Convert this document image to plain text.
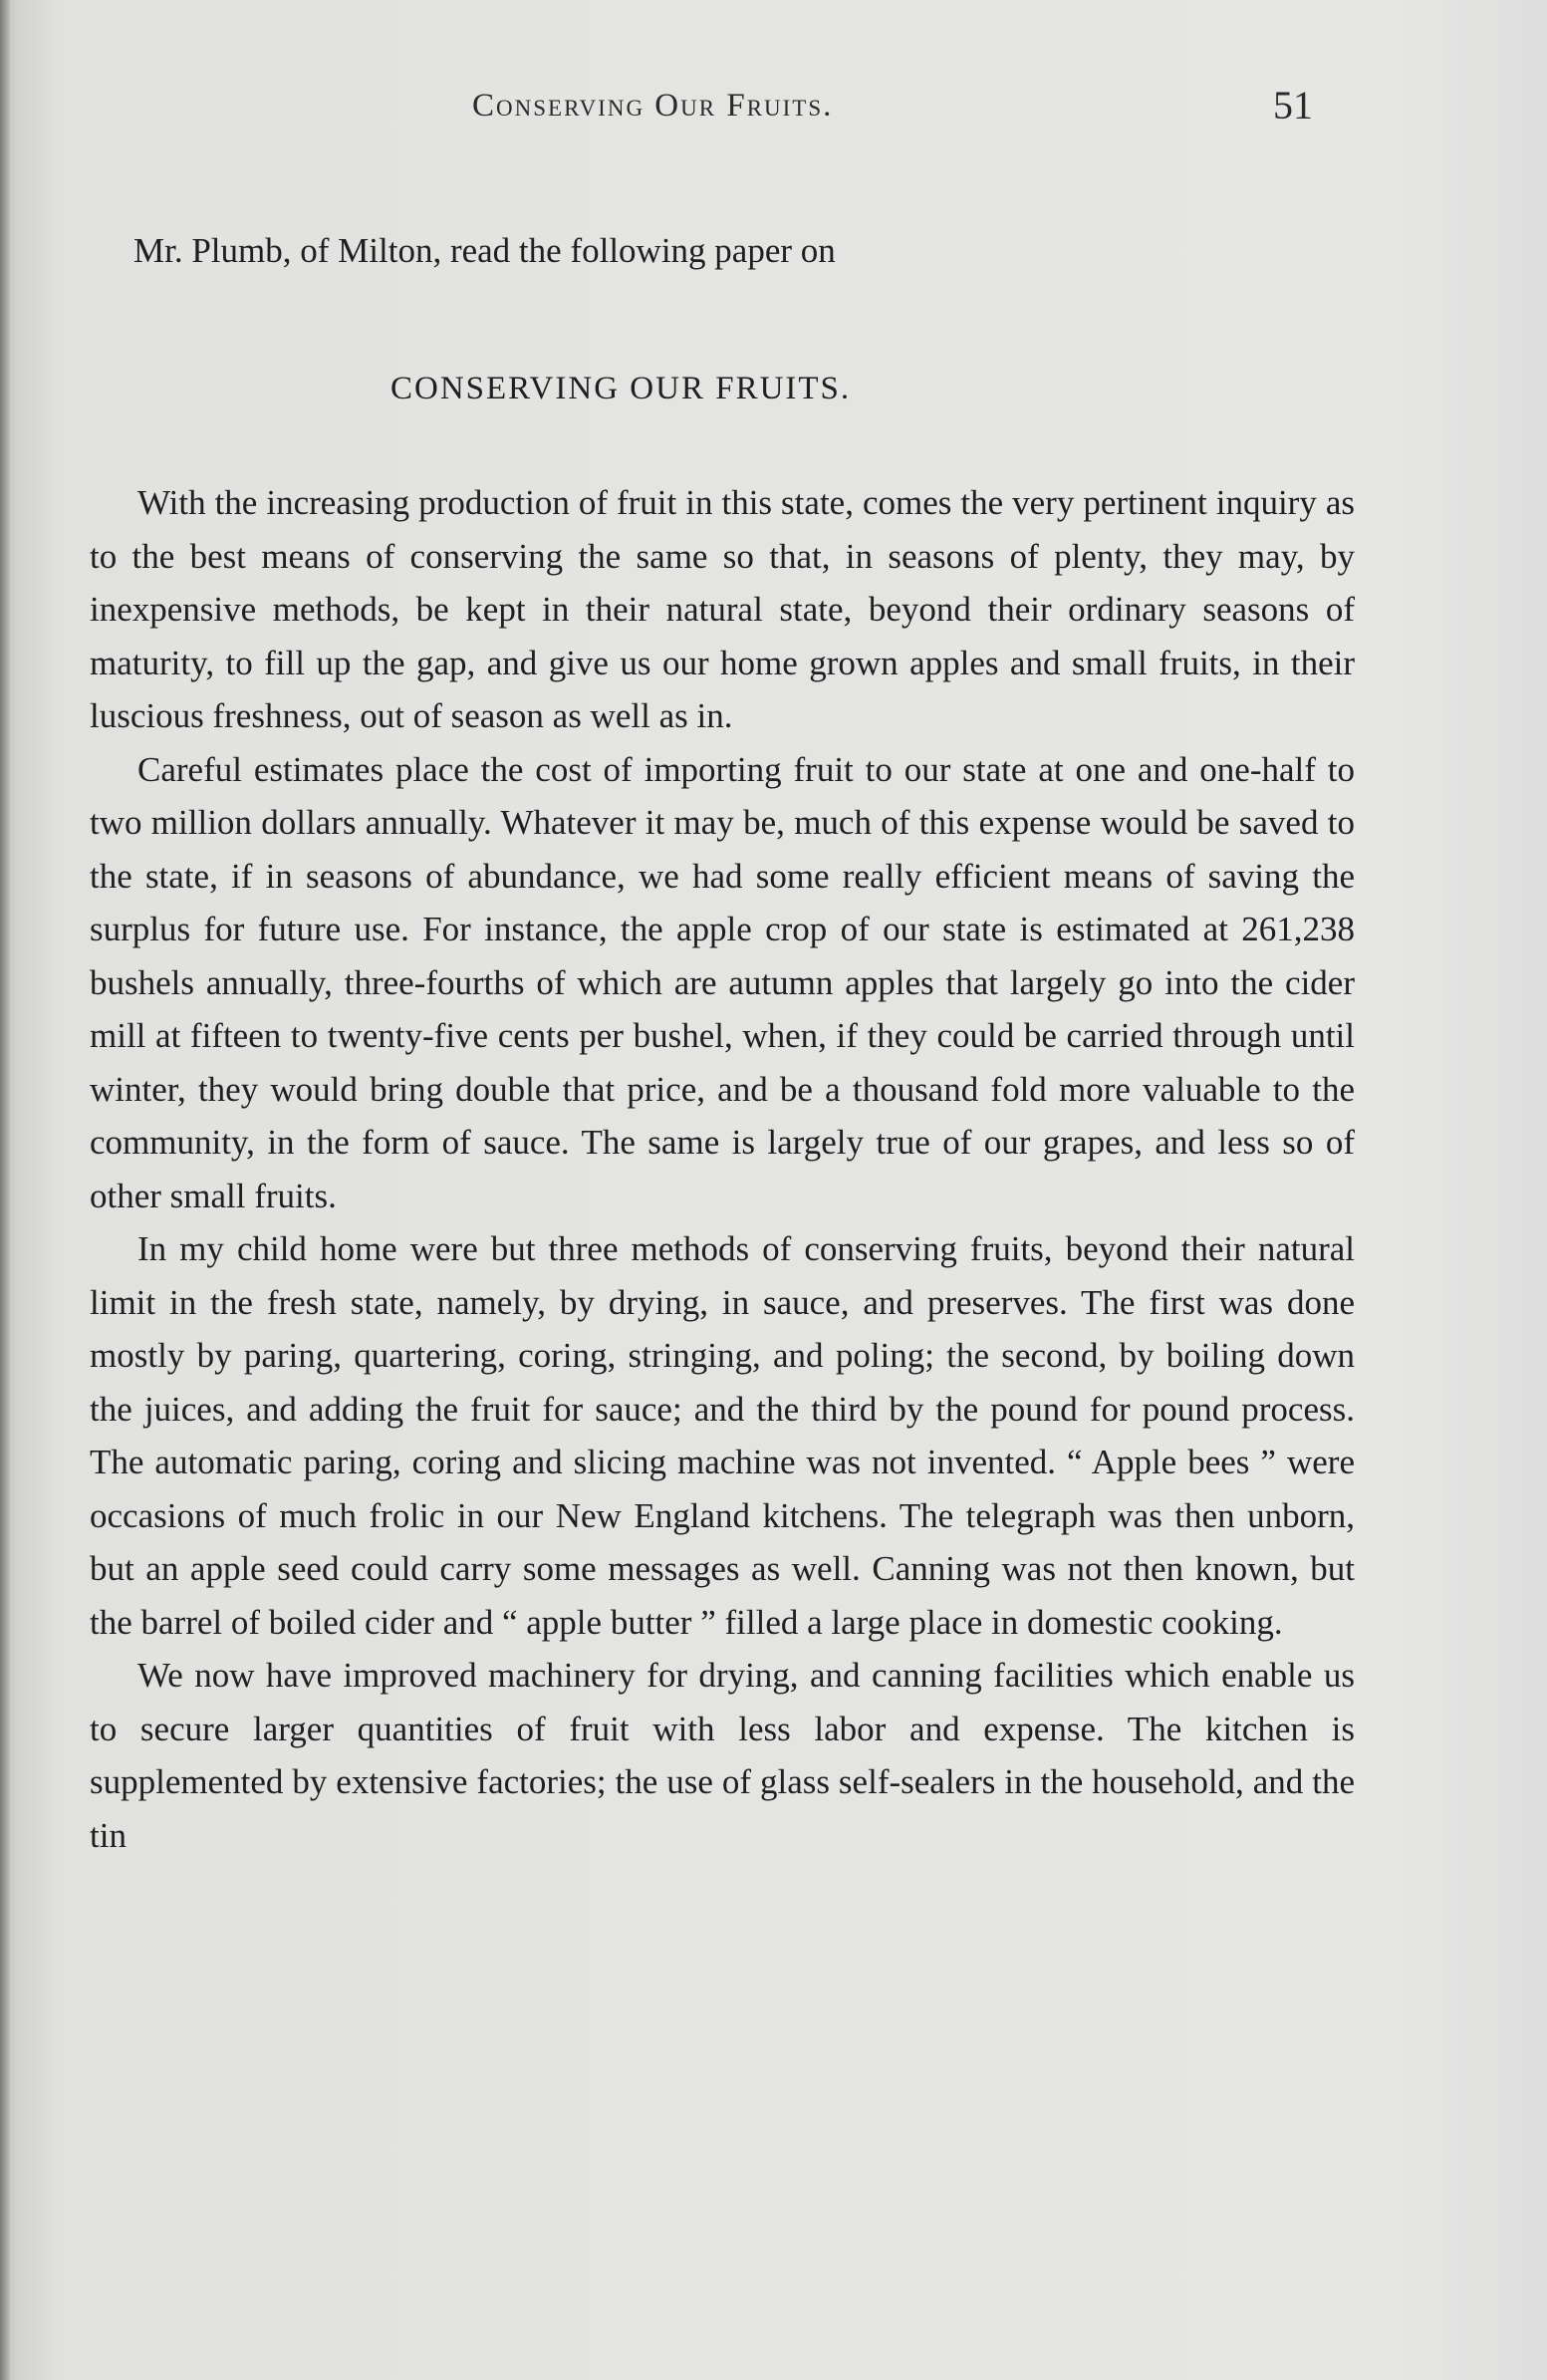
Conserving Our Fruits.	51
Mr. Plumb, of Milton, read the following paper on
CONSERVING OUR FRUITS.

With the increasing production of fruit in this state, comes the very pertinent inquiry as to the best means of conserving the same so that, in seasons of plenty, they may, by inexpensive methods, be kept in their natural state, beyond their ordinary seasons of maturity, to fill up the gap, and give us our home grown apples and small fruits, in their luscious freshness, out of season as well as in.

Careful estimates place the cost of importing fruit to our state at one and one-half to two million dollars annually. Whatever it may be, much of this expense would be saved to the state, if in seasons of abundance, we had some really efficient means of saving the surplus for future use. For instance, the apple crop of our state is estimated at 261,238 bushels annually, three-fourths of which are autumn apples that largely go into the cider mill at fifteen to twenty-five cents per bushel, when, if they could be carried through until winter, they would bring double that price, and be a thousand fold more valuable to the community, in the form of sauce. The same is largely true of our grapes, and less so of other small fruits.

In my child home were but three methods of conserving fruits, beyond their natural limit in the fresh state, namely, by drying, in sauce, and preserves. The first was done mostly by paring, quartering, coring, stringing, and poling; the second, by boiling down the juices, and adding the fruit for sauce; and the third by the pound for pound process. The automatic paring, coring and slicing machine was not invented. “ Apple bees ” were occasions of much frolic in our New England kitchens. The telegraph was then unborn, but an apple seed could carry some messages as well. Canning was not then known, but the barrel of boiled cider and “ apple butter ” filled a large place in domestic cooking.

We now have improved machinery for drying, and canning facilities which enable us to secure larger quantities of fruit with less labor and expense. The kitchen is supplemented by extensive factories; the use of glass self-sealers in the household, and the tin
